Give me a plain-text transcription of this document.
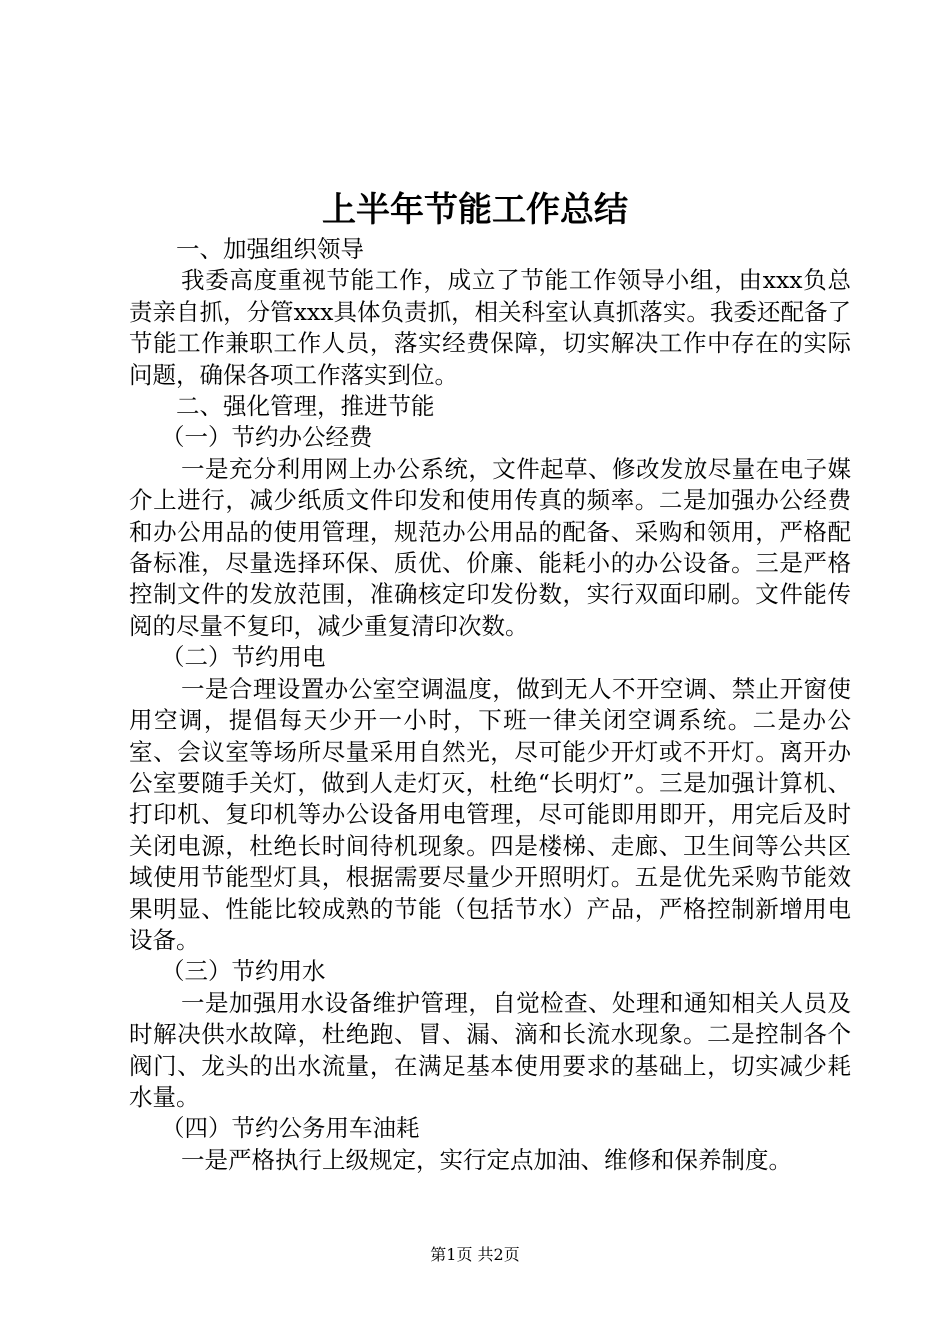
上半年节能工作总结

一、加强组织领导

我委高度重视节能工作，成立了节能工作领导小组，由xxx负总责亲自抓，分管xxx具体负责抓，相关科室认真抓落实。我委还配备了节能工作兼职工作人员，落实经费保障，切实解决工作中存在的实际问题，确保各项工作落实到位。

二、强化管理，推进节能

（一）节约办公经费

一是充分利用网上办公系统，文件起草、修改发放尽量在电子媒介上进行，减少纸质文件印发和使用传真的频率。二是加强办公经费和办公用品的使用管理，规范办公用品的配备、采购和领用，严格配备标准，尽量选择环保、质优、价廉、能耗小的办公设备。三是严格控制文件的发放范围，准确核定印发份数，实行双面印刷。文件能传阅的尽量不复印，减少重复清印次数。

（二）节约用电

一是合理设置办公室空调温度，做到无人不开空调、禁止开窗使用空调，提倡每天少开一小时，下班一律关闭空调系统。二是办公室、会议室等场所尽量采用自然光，尽可能少开灯或不开灯。离开办公室要随手关灯，做到人走灯灭，杜绝“长明灯”。三是加强计算机、打印机、复印机等办公设备用电管理，尽可能即用即开，用完后及时关闭电源，杜绝长时间待机现象。四是楼梯、走廊、卫生间等公共区域使用节能型灯具，根据需要尽量少开照明灯。五是优先采购节能效果明显、性能比较成熟的节能（包括节水）产品，严格控制新增用电设备。

（三）节约用水

一是加强用水设备维护管理，自觉检查、处理和通知相关人员及时解决供水故障，杜绝跑、冒、漏、滴和长流水现象。二是控制各个阀门、龙头的出水流量，在满足基本使用要求的基础上，切实减少耗水量。

（四）节约公务用车油耗

一是严格执行上级规定，实行定点加油、维修和保养制度。

第1页 共2页
